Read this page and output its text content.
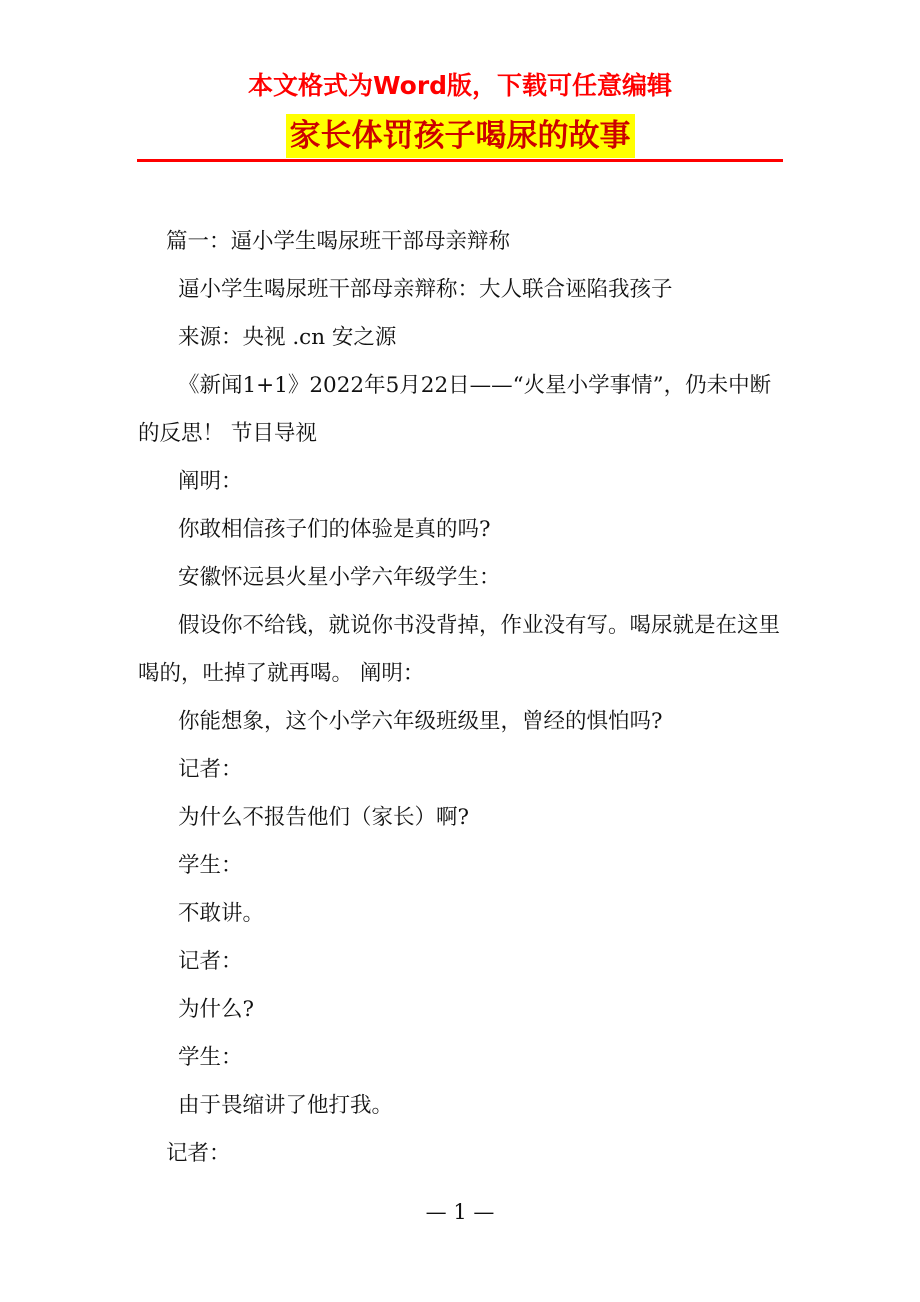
本文格式为Word版，下载可任意编辑
家长体罚孩子喝尿的故事

篇一：逼小学生喝尿班干部母亲辩称

逼小学生喝尿班干部母亲辩称：大人联合诬陷我孩子

来源：央视 .cn 安之源

《新闻1+1》2022年5月22日——“火星小学事情”，仍未中断的反思！ 节目导视

阐明：

你敢相信孩子们的体验是真的吗?

安徽怀远县火星小学六年级学生：

假设你不给钱，就说你书没背掉，作业没有写。喝尿就是在这里喝的，吐掉了就再喝。 阐明：

你能想象，这个小学六年级班级里，曾经的惧怕吗?

记者：

为什么不报告他们（家长）啊?

学生：

不敢讲。

记者：

为什么?

学生：

由于畏缩讲了他打我。

记者：

— 1 —
